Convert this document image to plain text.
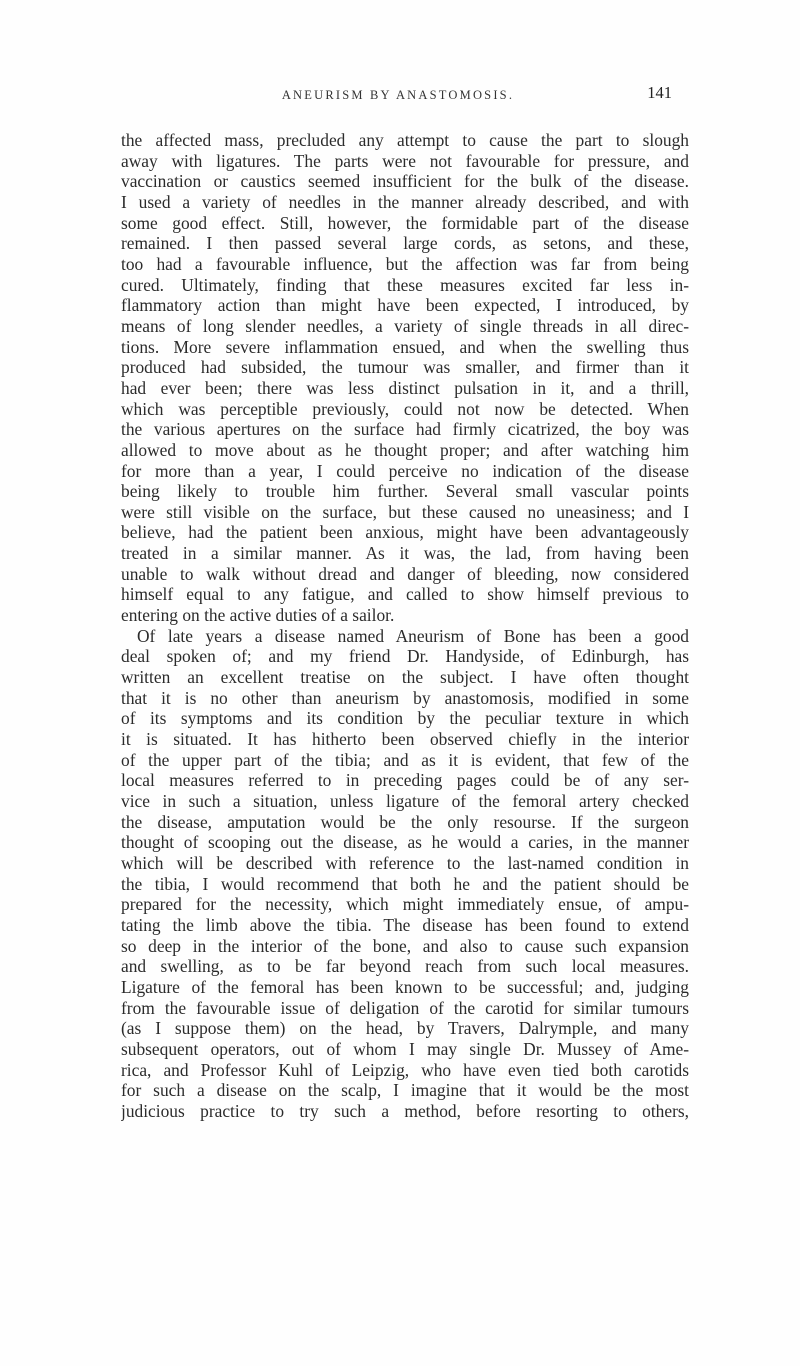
ANEURISM BY ANASTOMOSIS.	141
the affected mass, precluded any attempt to cause the part to slough
away with ligatures. The parts were not favourable for pressure, and
vaccination or caustics seemed insufficient for the bulk of the disease.
I used a variety of needles in the manner already described, and with
some good effect. Still, however, the formidable part of the disease
remained. I then passed several large cords, as setons, and these,
too had a favourable influence, but the affection was far from being
cured. Ultimately, finding that these measures excited far less in-
flammatory action than might have been expected, I introduced, by
means of long slender needles, a variety of single threads in all direc-
tions. More severe inflammation ensued, and when the swelling thus
produced had subsided, the tumour was smaller, and firmer than it
had ever been; there was less distinct pulsation in it, and a thrill,
which was perceptible previously, could not now be detected. When
the various apertures on the surface had firmly cicatrized, the boy was
allowed to move about as he thought proper; and after watching him
for more than a year, I could perceive no indication of the disease
being likely to trouble him further. Several small vascular points
were still visible on the surface, but these caused no uneasiness; and I
believe, had the patient been anxious, might have been advantageously
treated in a similar manner. As it was, the lad, from having been
unable to walk without dread and danger of bleeding, now considered
himself equal to any fatigue, and called to show himself previous to
entering on the active duties of a sailor.
Of late years a disease named Aneurism of Bone has been a good
deal spoken of; and my friend Dr. Handyside, of Edinburgh, has
written an excellent treatise on the subject. I have often thought
that it is no other than aneurism by anastomosis, modified in some
of its symptoms and its condition by the peculiar texture in which
it is situated. It has hitherto been observed chiefly in the interior
of the upper part of the tibia; and as it is evident, that few of the
local measures referred to in preceding pages could be of any ser-
vice in such a situation, unless ligature of the femoral artery checked
the disease, amputation would be the only resourse. If the surgeon
thought of scooping out the disease, as he would a caries, in the manner
which will be described with reference to the last-named condition in
the tibia, I would recommend that both he and the patient should be
prepared for the necessity, which might immediately ensue, of ampu-
tating the limb above the tibia. The disease has been found to extend
so deep in the interior of the bone, and also to cause such expansion
and swelling, as to be far beyond reach from such local measures.
Ligature of the femoral has been known to be successful; and, judging
from the favourable issue of deligation of the carotid for similar tumours
(as I suppose them) on the head, by Travers, Dalrymple, and many
subsequent operators, out of whom I may single Dr. Mussey of Ame-
rica, and Professor Kuhl of Leipzig, who have even tied both carotids
for such a disease on the scalp, I imagine that it would be the most
judicious practice to try such a method, before resorting to others,
